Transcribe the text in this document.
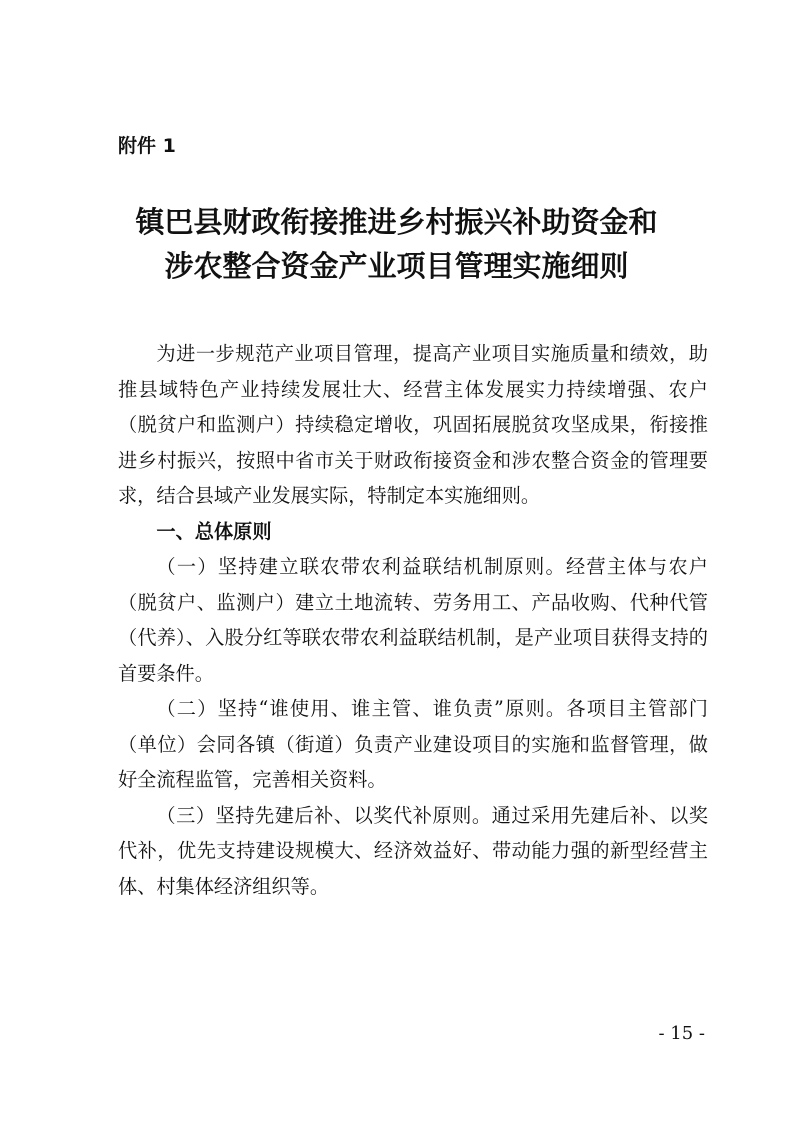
附件 1
镇巴县财政衔接推进乡村振兴补助资金和
涉农整合资金产业项目管理实施细则

为进一步规范产业项目管理，提高产业项目实施质量和绩效，助推县域特色产业持续发展壮大、经营主体发展实力持续增强、农户（脱贫户和监测户）持续稳定增收，巩固拓展脱贫攻坚成果，衔接推进乡村振兴，按照中省市关于财政衔接资金和涉农整合资金的管理要求，结合县域产业发展实际，特制定本实施细则。

一、总体原则

（一）坚持建立联农带农利益联结机制原则。经营主体与农户（脱贫户、监测户）建立土地流转、劳务用工、产品收购、代种代管（代养）、入股分红等联农带农利益联结机制，是产业项目获得支持的首要条件。

（二）坚持“谁使用、谁主管、谁负责”原则。各项目主管部门（单位）会同各镇（街道）负责产业建设项目的实施和监督管理，做好全流程监管，完善相关资料。

（三）坚持先建后补、以奖代补原则。通过采用先建后补、以奖代补，优先支持建设规模大、经济效益好、带动能力强的新型经营主体、村集体经济组织等。

- 15 -
